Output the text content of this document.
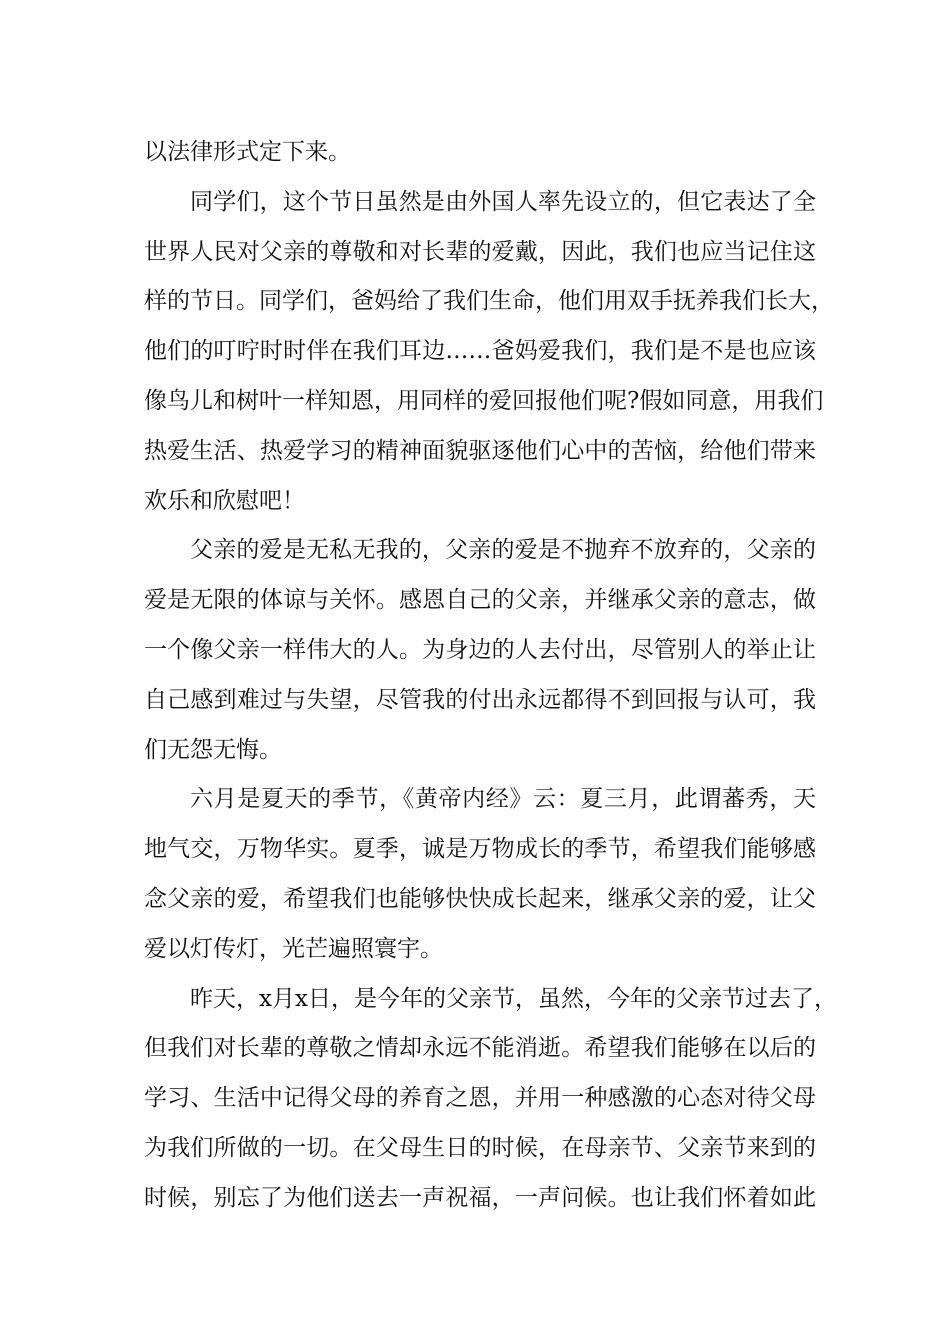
以法律形式定下来。
同学们，这个节日虽然是由外国人率先设立的，但它表达了全
世界人民对父亲的尊敬和对长辈的爱戴，因此，我们也应当记住这
样的节日。同学们，爸妈给了我们生命，他们用双手抚养我们长大，
他们的叮咛时时伴在我们耳边……爸妈爱我们，我们是不是也应该
像鸟儿和树叶一样知恩，用同样的爱回报他们呢?假如同意，用我们
热爱生活、热爱学习的精神面貌驱逐他们心中的苦恼，给他们带来
欢乐和欣慰吧！
父亲的爱是无私无我的，父亲的爱是不抛弃不放弃的，父亲的
爱是无限的体谅与关怀。感恩自己的父亲，并继承父亲的意志，做
一个像父亲一样伟大的人。为身边的人去付出，尽管别人的举止让
自己感到难过与失望，尽管我的付出永远都得不到回报与认可，我
们无怨无悔。
六月是夏天的季节，《黄帝内经》云：夏三月，此谓蕃秀，天
地气交，万物华实。夏季，诚是万物成长的季节，希望我们能够感
念父亲的爱，希望我们也能够快快成长起来，继承父亲的爱，让父
爱以灯传灯，光芒遍照寰宇。
昨天，x月x日，是今年的父亲节，虽然，今年的父亲节过去了，
但我们对长辈的尊敬之情却永远不能消逝。希望我们能够在以后的
学习、生活中记得父母的养育之恩，并用一种感激的心态对待父母
为我们所做的一切。在父母生日的时候，在母亲节、父亲节来到的
时候，别忘了为他们送去一声祝福，一声问候。也让我们怀着如此
